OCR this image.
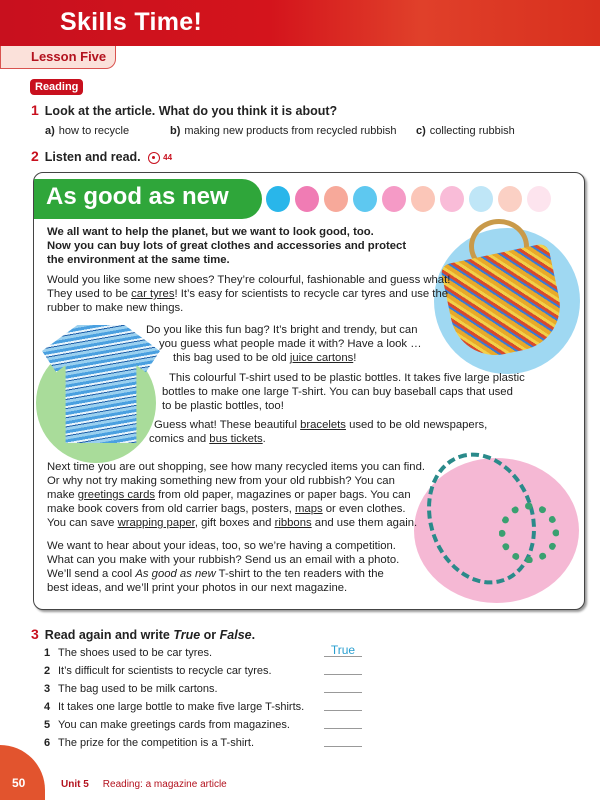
Skills Time!
Lesson Five
Reading
1 Look at the article. What do you think it is about?
a) how to recycle	b) making new products from recycled rubbish c) collecting rubbish
2 Listen and read.	44
As good as new
We all want to help the planet, but we want to look good, too.
Now you can buy lots of great clothes and accessories and protect
the environment at the same time.
Would you like some new shoes? They’re colourful, fashionable and guess what!
They used to be car tyres! It’s easy for scientists to recycle car tyres and use the
rubber to make new things.
Do you like this fun bag? It’s bright and trendy, but can
you guess what people made it with? Have a look …
this bag used to be old juice cartons!
This colourful T-shirt used to be plastic bottles. It takes five large plastic
bottles to make one large T-shirt. You can buy baseball caps that used
to be plastic bottles, too!
Guess what! These beautiful bracelets used to be old newspapers,
comics and bus tickets.
Next time you are out shopping, see how many recycled items you can find.
Or why not try making something new from your old rubbish? You can
make greetings cards from old paper, magazines or paper bags. You can
make book covers from old carrier bags, posters, maps or even clothes.
You can save wrapping paper, gift boxes and ribbons and use them again.
We want to hear about your ideas, too, so we’re having a competition.
What can you make with your rubbish? Send us an email with a photo.
We’ll send a cool As good as new T-shirt to the ten readers with the
best ideas, and we’ll print your photos in our next magazine.
3 Read again and write True or False.
1 The shoes used to be car tyres.	True
2 It’s difficult for scientists to recycle car tyres.
3 The bag used to be milk cartons.
4 It takes one large bottle to make five large T-shirts.
5 You can make greetings cards from magazines.
6 The prize for the competition is a T-shirt.
50	Unit 5 Reading: a magazine article
